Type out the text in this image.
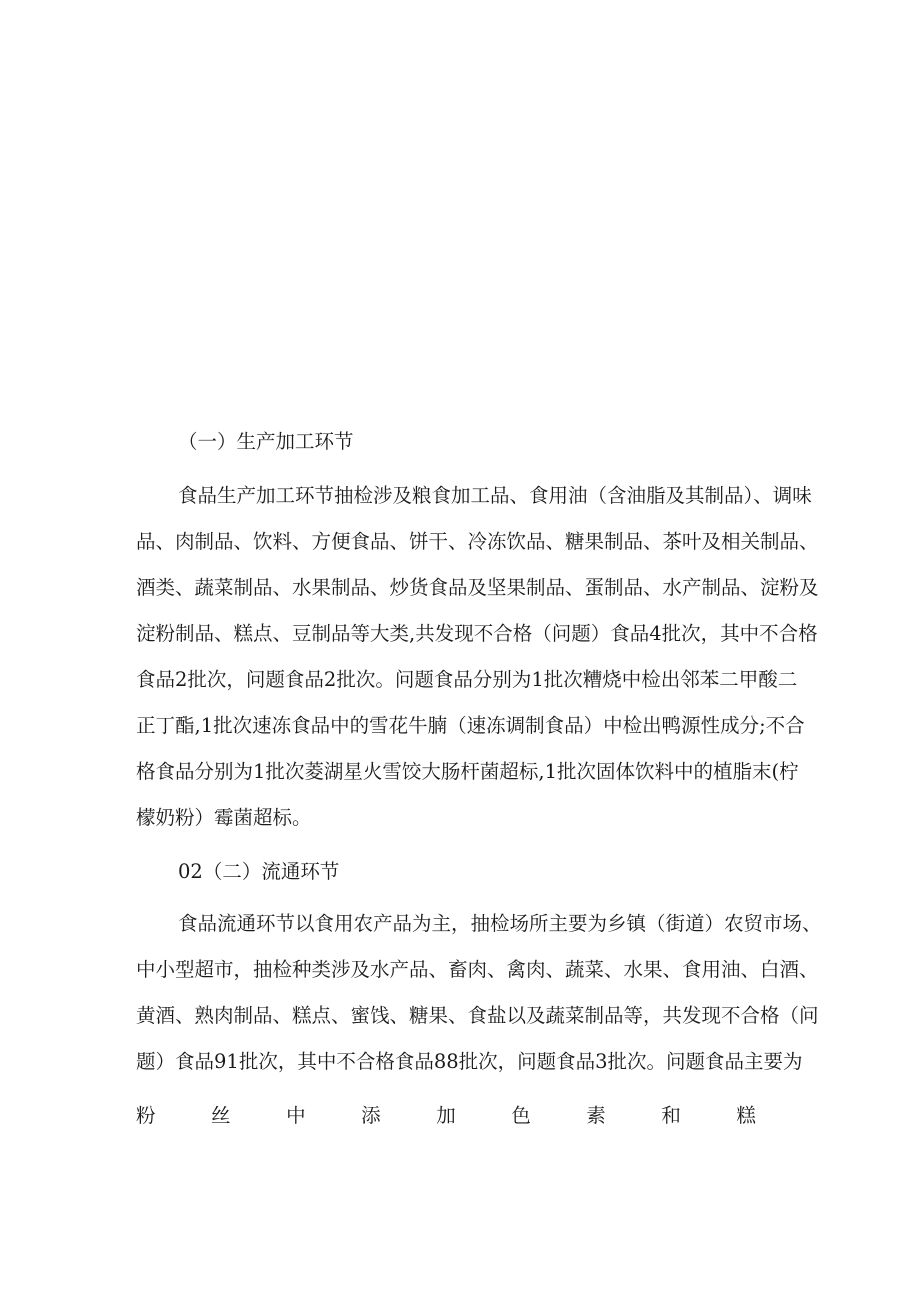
（一）生产加工环节
食品生产加工环节抽检涉及粮食加工品、食用油（含油脂及其制品）、调味
品、肉制品、饮料、方便食品、饼干、冷冻饮品、糖果制品、茶叶及相关制品、
酒类、蔬菜制品、水果制品、炒货食品及坚果制品、蛋制品、水产制品、淀粉及
淀粉制品、糕点、豆制品等大类,共发现不合格（问题）食品4批次，其中不合格
食品2批次，问题食品2批次。问题食品分别为1批次糟烧中检出邻苯二甲酸二
正丁酯,1批次速冻食品中的雪花牛腩（速冻调制食品）中检出鸭源性成分;不合
格食品分别为1批次菱湖星火雪饺大肠杆菌超标,1批次固体饮料中的植脂末(柠
檬奶粉）霉菌超标。
02（二）流通环节
食品流通环节以食用农产品为主，抽检场所主要为乡镇（街道）农贸市场、
中小型超市，抽检种类涉及水产品、畜肉、禽肉、蔬菜、水果、食用油、白酒、
黄酒、熟肉制品、糕点、蜜饯、糖果、食盐以及蔬菜制品等，共发现不合格（问
题）食品91批次，其中不合格食品88批次，问题食品3批次。问题食品主要为
粉	丝	中	添	加	色	素	和	糕
